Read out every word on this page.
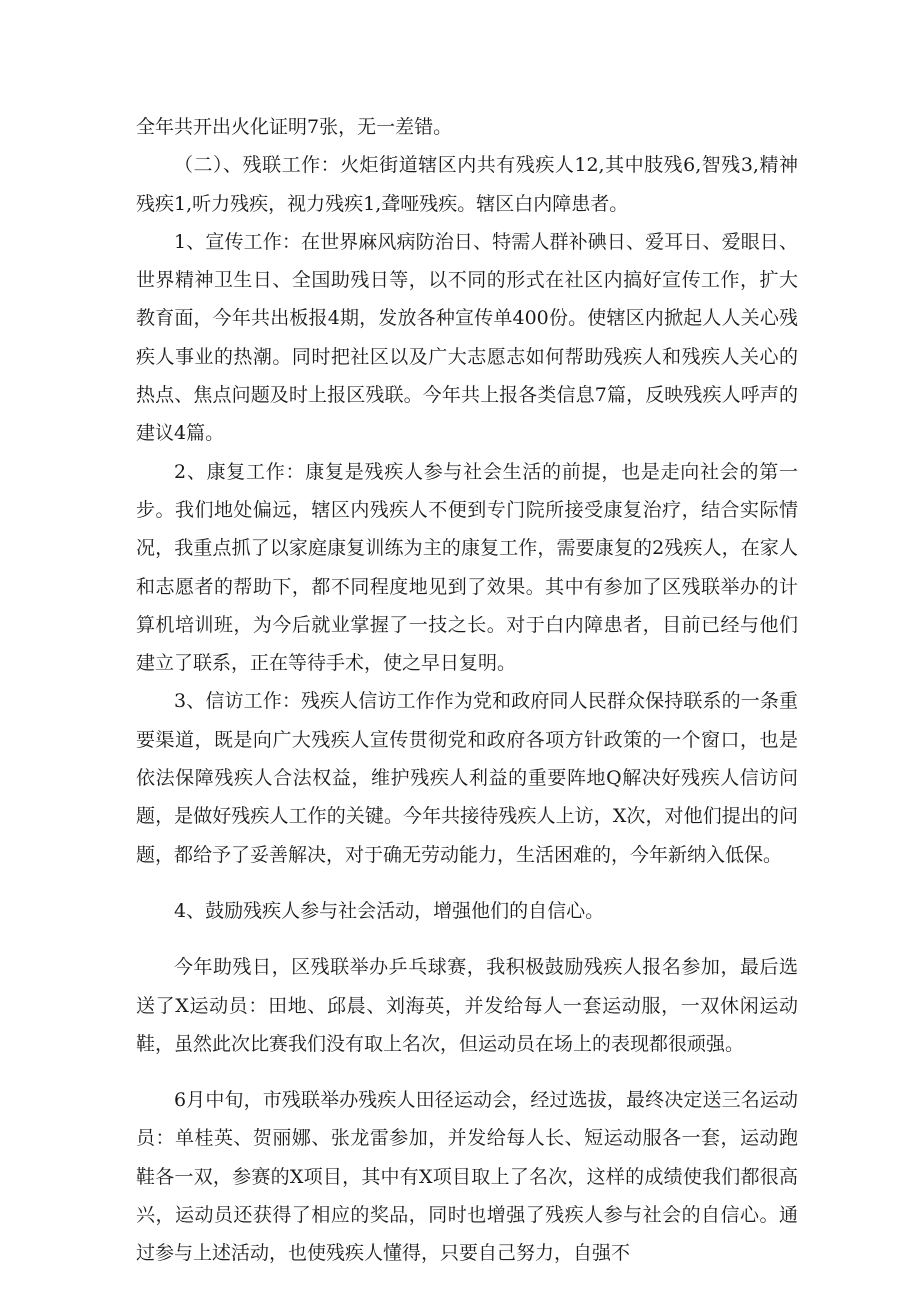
全年共开出火化证明7张，无一差错。

（二）、残联工作：火炬街道辖区内共有残疾人12,其中肢残6,智残3,精神残疾1,听力残疾，视力残疾1,聋哑残疾。辖区白内障患者。

1、宣传工作：在世界麻风病防治日、特需人群补碘日、爱耳日、爱眼日、世界精神卫生日、全国助残日等，以不同的形式在社区内搞好宣传工作，扩大教育面，今年共出板报4期，发放各种宣传单400份。使辖区内掀起人人关心残疾人事业的热潮。同时把社区以及广大志愿志如何帮助残疾人和残疾人关心的热点、焦点问题及时上报区残联。今年共上报各类信息7篇，反映残疾人呼声的建议4篇。

2、康复工作：康复是残疾人参与社会生活的前提，也是走向社会的第一步。我们地处偏远，辖区内残疾人不便到专门院所接受康复治疗，结合实际情况，我重点抓了以家庭康复训练为主的康复工作，需要康复的2残疾人，在家人和志愿者的帮助下，都不同程度地见到了效果。其中有参加了区残联举办的计算机培训班，为今后就业掌握了一技之长。对于白内障患者，目前已经与他们建立了联系，正在等待手术，使之早日复明。

3、信访工作：残疾人信访工作作为党和政府同人民群众保持联系的一条重要渠道，既是向广大残疾人宣传贯彻党和政府各项方针政策的一个窗口，也是依法保障残疾人合法权益，维护残疾人利益的重要阵地Q解决好残疾人信访问题，是做好残疾人工作的关键。今年共接待残疾人上访，X次，对他们提出的问题，都给予了妥善解决，对于确无劳动能力，生活困难的，今年新纳入低保。

4、鼓励残疾人参与社会活动，增强他们的自信心。

今年助残日，区残联举办乒乓球赛，我积极鼓励残疾人报名参加，最后选送了X运动员：田地、邱晨、刘海英，并发给每人一套运动服，一双休闲运动鞋，虽然此次比赛我们没有取上名次，但运动员在场上的表现都很顽强。

6月中旬，市残联举办残疾人田径运动会，经过选拔，最终决定送三名运动员：单桂英、贺丽娜、张龙雷参加，并发给每人长、短运动服各一套，运动跑鞋各一双，参赛的X项目，其中有X项目取上了名次，这样的成绩使我们都很高兴，运动员还获得了相应的奖品，同时也增强了残疾人参与社会的自信心。通过参与上述活动，也使残疾人懂得，只要自己努力，自强不
